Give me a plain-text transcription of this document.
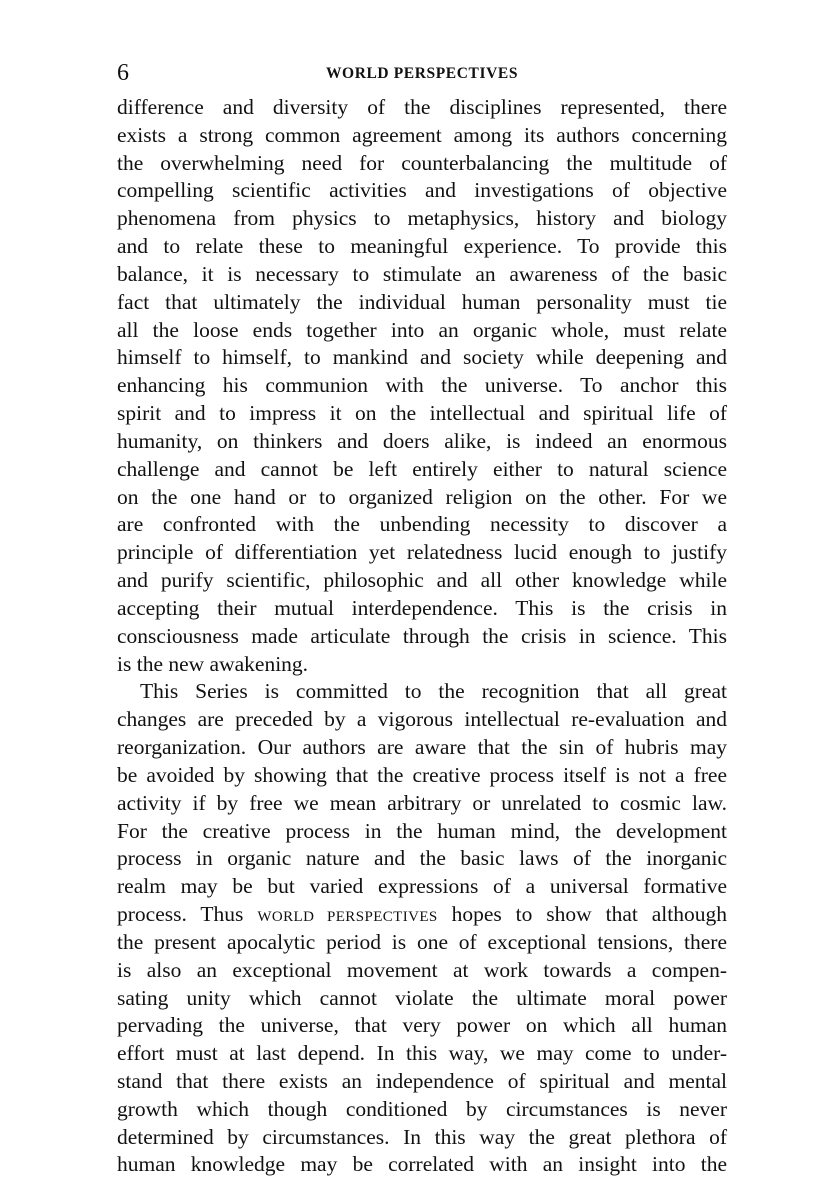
6	WORLD PERSPECTIVES
difference and diversity of the disciplines represented, there
exists a strong common agreement among its authors concerning
the overwhelming need for counterbalancing the multitude of
compelling scientific activities and investigations of objective
phenomena from physics to metaphysics, history and biology
and to relate these to meaningful experience. To provide this
balance, it is necessary to stimulate an awareness of the basic
fact that ultimately the individual human personality must tie
all the loose ends together into an organic whole, must relate
himself to himself, to mankind and society while deepening and
enhancing his communion with the universe. To anchor this
spirit and to impress it on the intellectual and spiritual life of
humanity, on thinkers and doers alike, is indeed an enormous
challenge and cannot be left entirely either to natural science
on the one hand or to organized religion on the other. For we
are confronted with the unbending necessity to discover a
principle of differentiation yet relatedness lucid enough to justify
and purify scientific, philosophic and all other knowledge while
accepting their mutual interdependence. This is the crisis in
consciousness made articulate through the crisis in science. This
is the new awakening.
This Series is committed to the recognition that all great
changes are preceded by a vigorous intellectual re-evaluation and
reorganization. Our authors are aware that the sin of hubris may
be avoided by showing that the creative process itself is not a free
activity if by free we mean arbitrary or unrelated to cosmic law.
For the creative process in the human mind, the development
process in organic nature and the basic laws of the inorganic
realm may be but varied expressions of a universal formative
process. Thus WORLD PERSPECTIVES hopes to show that although
the present apocalytic period is one of exceptional tensions, there
is also an exceptional movement at work towards a compen-
sating unity which cannot violate the ultimate moral power
pervading the universe, that very power on which all human
effort must at last depend. In this way, we may come to under-
stand that there exists an independence of spiritual and mental
growth which though conditioned by circumstances is never
determined by circumstances. In this way the great plethora of
human knowledge may be correlated with an insight into the
